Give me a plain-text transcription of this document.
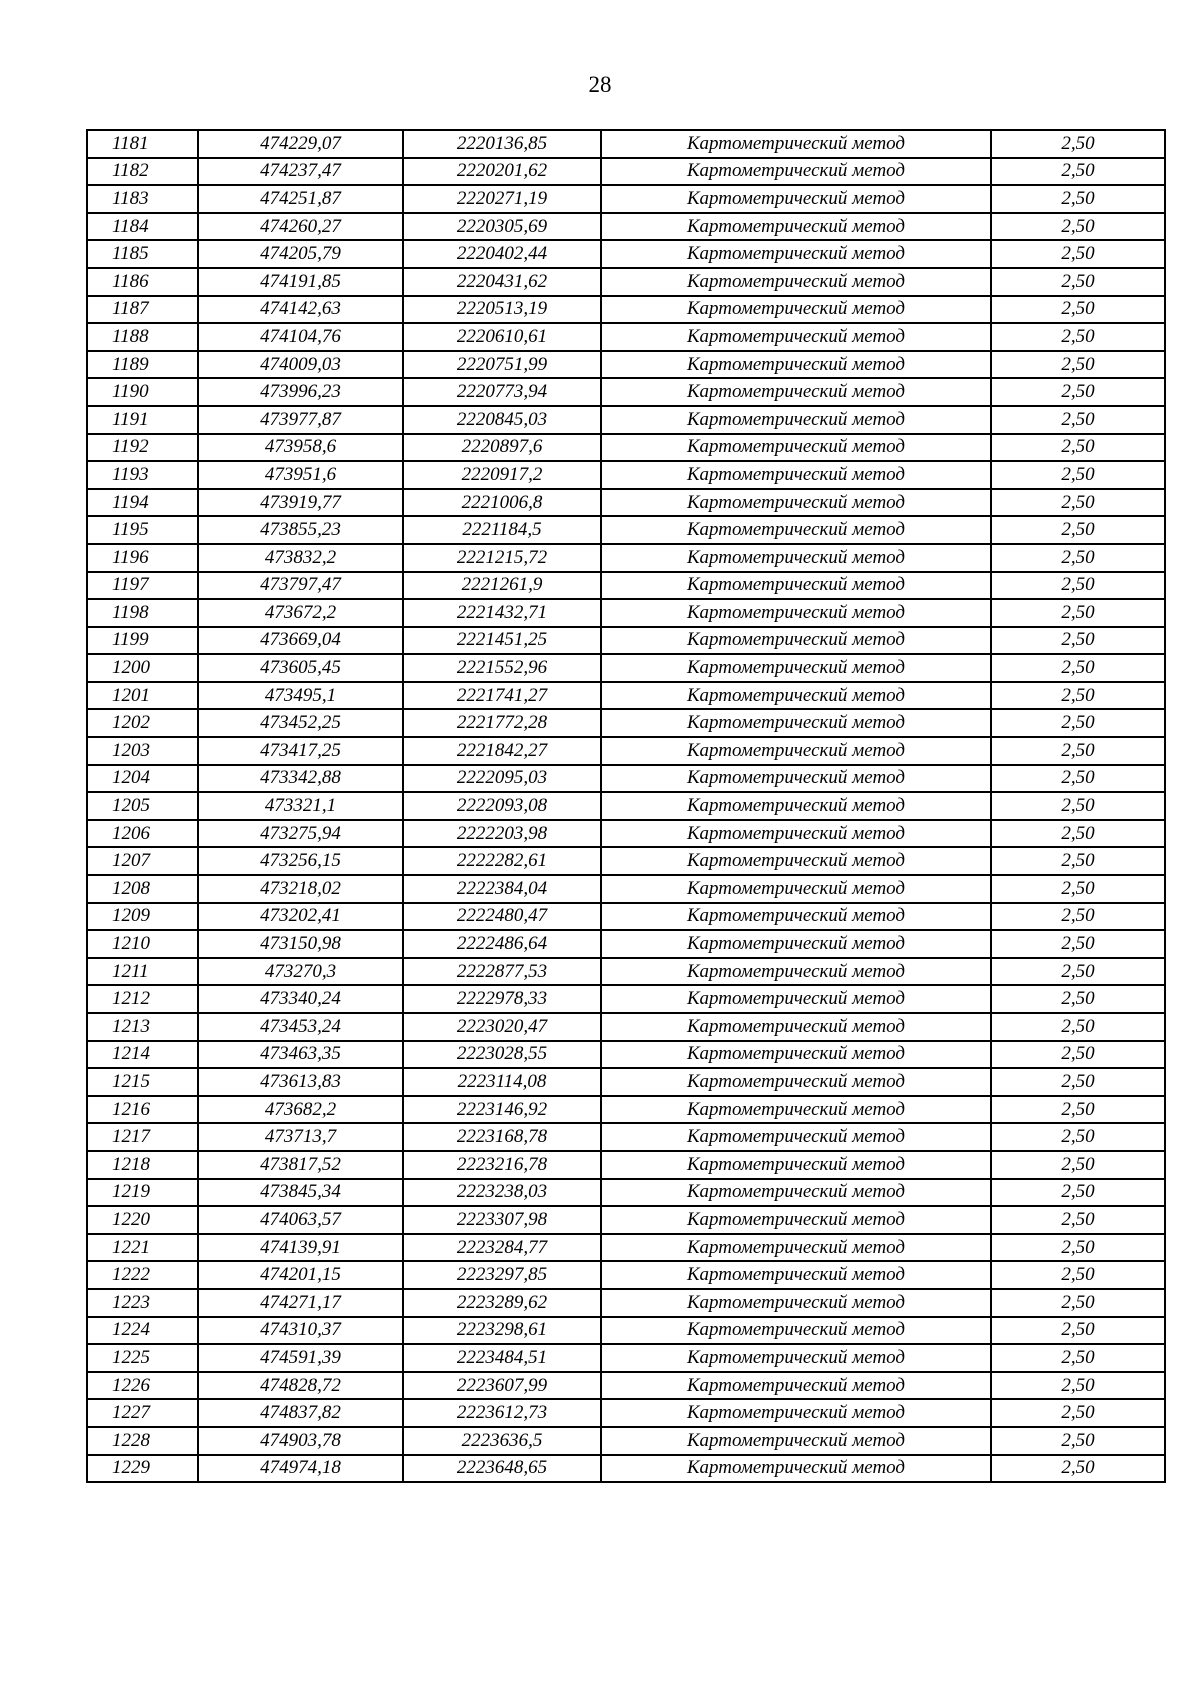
28
1181	474229,07	2220136,85	Картометрический метод	2,50
1182	474237,47	2220201,62	Картометрический метод	2,50
1183	474251,87	2220271,19	Картометрический метод	2,50
1184	474260,27	2220305,69	Картометрический метод	2,50
1185	474205,79	2220402,44	Картометрический метод	2,50
1186	474191,85	2220431,62	Картометрический метод	2,50
1187	474142,63	2220513,19	Картометрический метод	2,50
1188	474104,76	2220610,61	Картометрический метод	2,50
1189	474009,03	2220751,99	Картометрический метод	2,50
1190	473996,23	2220773,94	Картометрический метод	2,50
1191	473977,87	2220845,03	Картометрический метод	2,50
1192	473958,6	2220897,6	Картометрический метод	2,50
1193	473951,6	2220917,2	Картометрический метод	2,50
1194	473919,77	2221006,8	Картометрический метод	2,50
1195	473855,23	2221184,5	Картометрический метод	2,50
1196	473832,2	2221215,72	Картометрический метод	2,50
1197	473797,47	2221261,9	Картометрический метод	2,50
1198	473672,2	2221432,71	Картометрический метод	2,50
1199	473669,04	2221451,25	Картометрический метод	2,50
1200	473605,45	2221552,96	Картометрический метод	2,50
1201	473495,1	2221741,27	Картометрический метод	2,50
1202	473452,25	2221772,28	Картометрический метод	2,50
1203	473417,25	2221842,27	Картометрический метод	2,50
1204	473342,88	2222095,03	Картометрический метод	2,50
1205	473321,1	2222093,08	Картометрический метод	2,50
1206	473275,94	2222203,98	Картометрический метод	2,50
1207	473256,15	2222282,61	Картометрический метод	2,50
1208	473218,02	2222384,04	Картометрический метод	2,50
1209	473202,41	2222480,47	Картометрический метод	2,50
1210	473150,98	2222486,64	Картометрический метод	2,50
1211	473270,3	2222877,53	Картометрический метод	2,50
1212	473340,24	2222978,33	Картометрический метод	2,50
1213	473453,24	2223020,47	Картометрический метод	2,50
1214	473463,35	2223028,55	Картометрический метод	2,50
1215	473613,83	2223114,08	Картометрический метод	2,50
1216	473682,2	2223146,92	Картометрический метод	2,50
1217	473713,7	2223168,78	Картометрический метод	2,50
1218	473817,52	2223216,78	Картометрический метод	2,50
1219	473845,34	2223238,03	Картометрический метод	2,50
1220	474063,57	2223307,98	Картометрический метод	2,50
1221	474139,91	2223284,77	Картометрический метод	2,50
1222	474201,15	2223297,85	Картометрический метод	2,50
1223	474271,17	2223289,62	Картометрический метод	2,50
1224	474310,37	2223298,61	Картометрический метод	2,50
1225	474591,39	2223484,51	Картометрический метод	2,50
1226	474828,72	2223607,99	Картометрический метод	2,50
1227	474837,82	2223612,73	Картометрический метод	2,50
1228	474903,78	2223636,5	Картометрический метод	2,50
1229	474974,18	2223648,65	Картометрический метод	2,50
